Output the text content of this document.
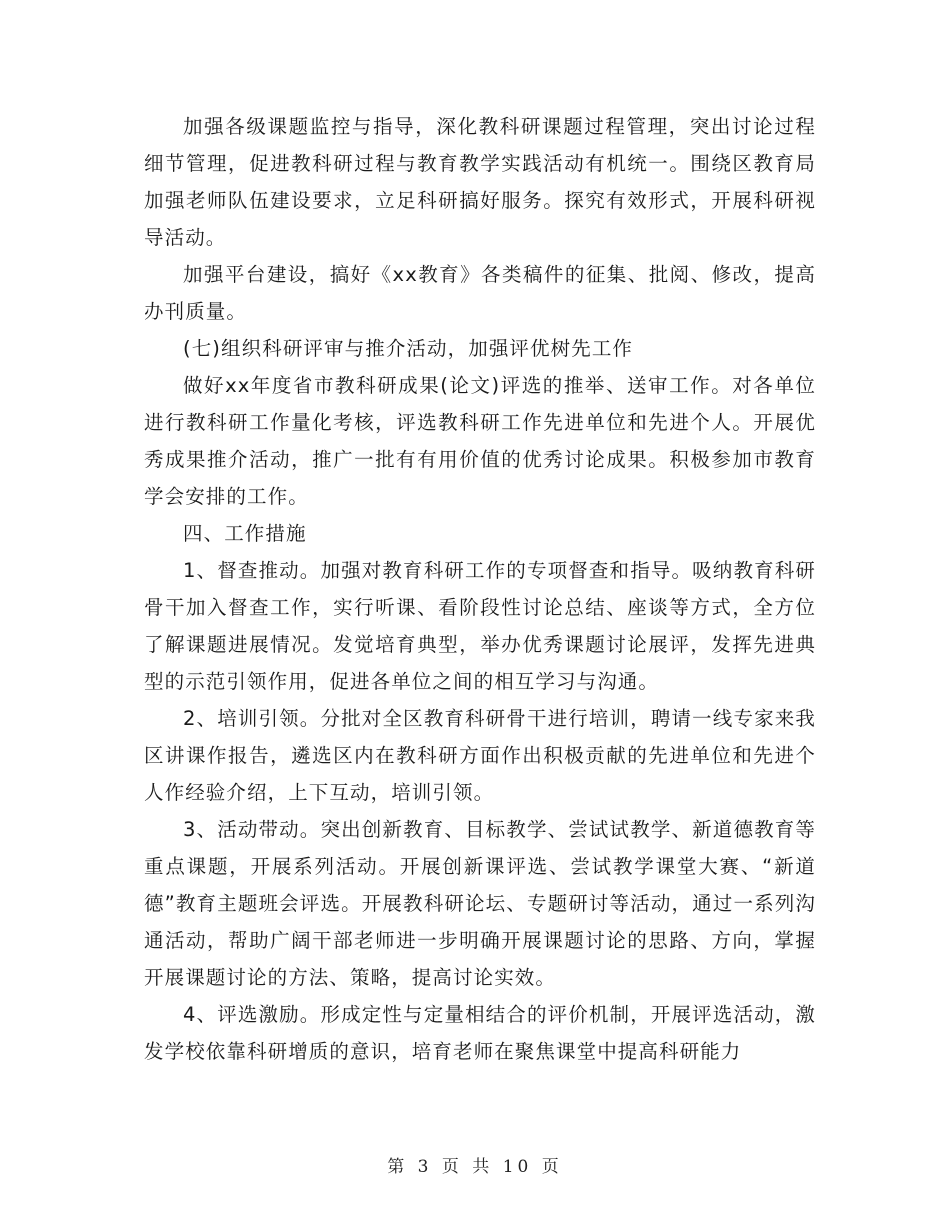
加强各级课题监控与指导，深化教科研课题过程管理，突出讨论过程细节管理，促进教科研过程与教育教学实践活动有机统一。围绕区教育局加强老师队伍建设要求，立足科研搞好服务。探究有效形式，开展科研视导活动。

加强平台建设，搞好《xx教育》各类稿件的征集、批阅、修改，提高办刊质量。

(七)组织科研评审与推介活动，加强评优树先工作

做好xx年度省市教科研成果(论文)评选的推举、送审工作。对各单位进行教科研工作量化考核，评选教科研工作先进单位和先进个人。开展优秀成果推介活动，推广一批有有用价值的优秀讨论成果。积极参加市教育学会安排的工作。

四、工作措施

1、督查推动。加强对教育科研工作的专项督查和指导。吸纳教育科研骨干加入督查工作，实行听课、看阶段性讨论总结、座谈等方式，全方位了解课题进展情况。发觉培育典型，举办优秀课题讨论展评，发挥先进典型的示范引领作用，促进各单位之间的相互学习与沟通。

2、培训引领。分批对全区教育科研骨干进行培训，聘请一线专家来我区讲课作报告，遴选区内在教科研方面作出积极贡献的先进单位和先进个人作经验介绍，上下互动，培训引领。

3、活动带动。突出创新教育、目标教学、尝试试教学、新道德教育等重点课题，开展系列活动。开展创新课评选、尝试教学课堂大赛、“新道德”教育主题班会评选。开展教科研论坛、专题研讨等活动，通过一系列沟通活动，帮助广阔干部老师进一步明确开展课题讨论的思路、方向，掌握开展课题讨论的方法、策略，提高讨论实效。

4、评选激励。形成定性与定量相结合的评价机制，开展评选活动，激发学校依靠科研增质的意识，培育老师在聚焦课堂中提高科研能力

第 3 页 共 10 页
